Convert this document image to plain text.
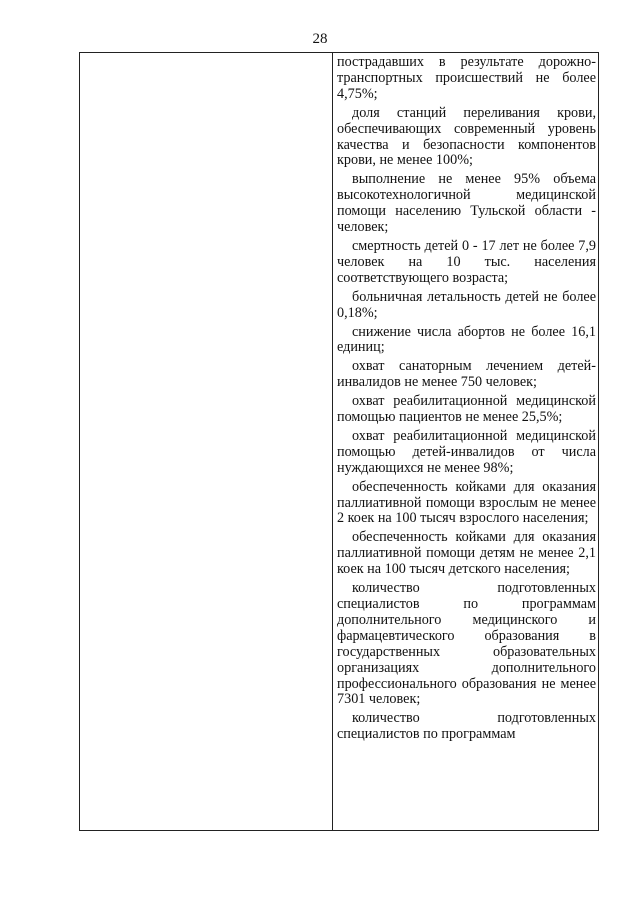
28

пострадавших в результате дорожно-транспортных происшествий не более 4,75%;

доля станций переливания крови, обеспечивающих современный уровень качества и безопасности компонентов крови, не менее 100%;

выполнение не менее 95% объема высокотехнологичной медицинской помощи населению Тульской области - человек;

смертность детей 0 - 17 лет не более 7,9 человек на 10 тыс. населения соответствующего возраста;

больничная летальность детей не более 0,18%;

снижение числа абортов не более 16,1 единиц;

охват санаторным лечением детей-инвалидов не менее 750 человек;

охват реабилитационной медицинской помощью пациентов не менее 25,5%;

охват реабилитационной медицинской помощью детей-инвалидов от числа нуждающихся не менее 98%;

обеспеченность койками для оказания паллиативной помощи взрослым не менее 2 коек на 100 тысяч взрослого населения;

обеспеченность койками для оказания паллиативной помощи детям не менее 2,1 коек на 100 тысяч детского населения;

количество подготовленных специалистов по программам дополнительного медицинского и фармацевтического образования в государственных образовательных организациях дополнительного профессионального образования не менее 7301 человек;

количество подготовленных специалистов по программам
